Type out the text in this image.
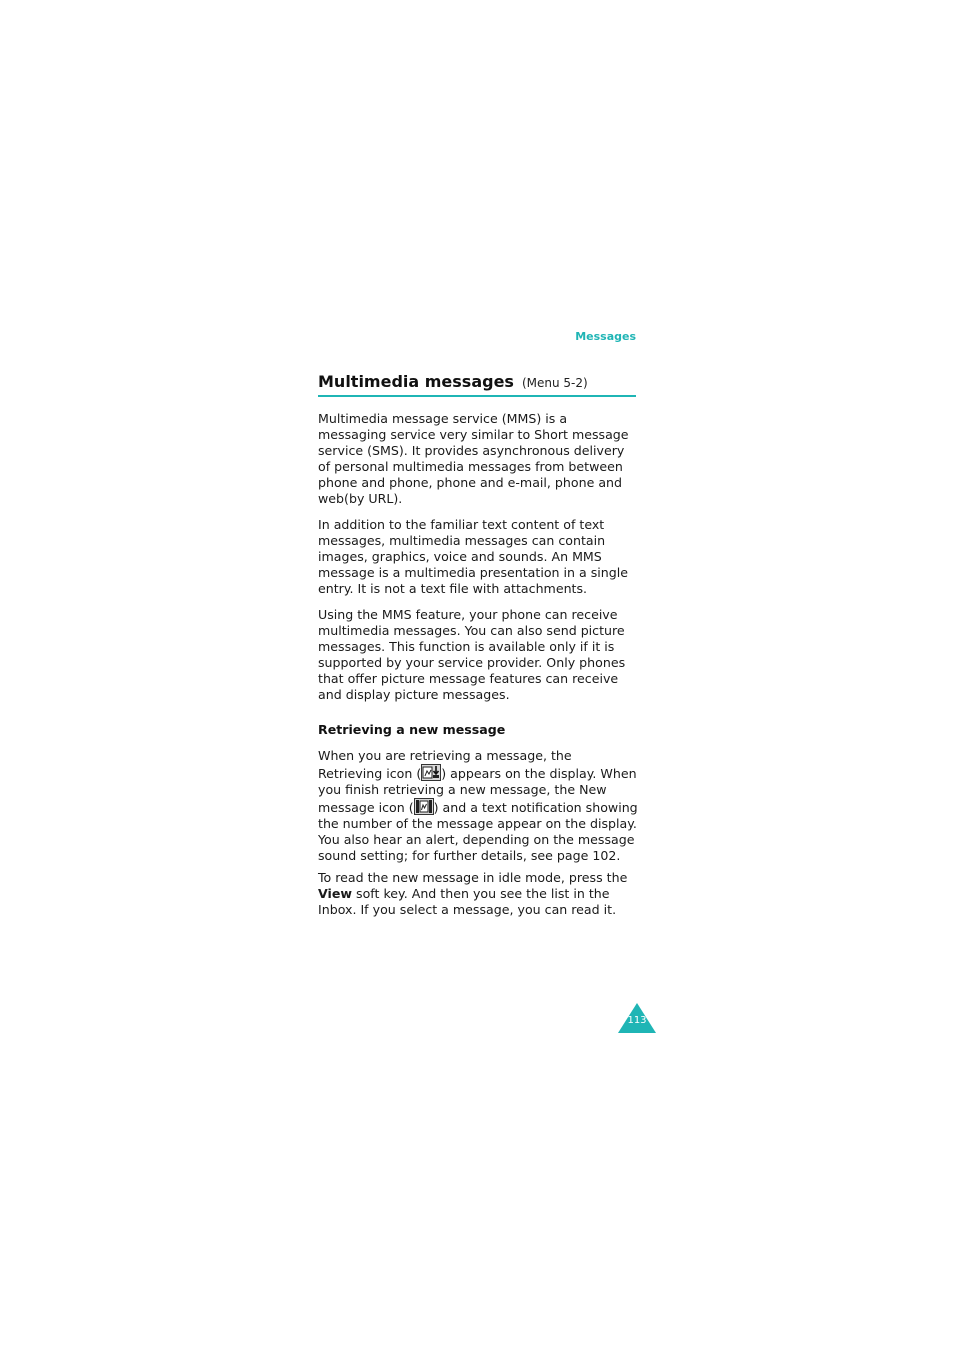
Messages
Multimedia messages (Menu 5-2)

Multimedia message service (MMS) is a messaging service very similar to Short message service (SMS). It provides asynchronous delivery of personal multimedia messages from between phone and phone, phone and e-mail, phone and web(by URL).

In addition to the familiar text content of text messages, multimedia messages can contain images, graphics, voice and sounds. An MMS message is a multimedia presentation in a single entry. It is not a text file with attachments.

Using the MMS feature, your phone can receive multimedia messages. You can also send picture messages. This function is available only if it is supported by your service provider. Only phones that offer picture message features can receive and display picture messages.

Retrieving a new message

When you are retrieving a message, the Retrieving icon ( ) appears on the display. When you finish retrieving a new message, the New message icon ( ) and a text notification showing the number of the message appear on the display. You also hear an alert, depending on the message sound setting; for further details, see page 102.

To read the new message in idle mode, press the View soft key. And then you see the list in the Inbox. If you select a message, you can read it.

113
